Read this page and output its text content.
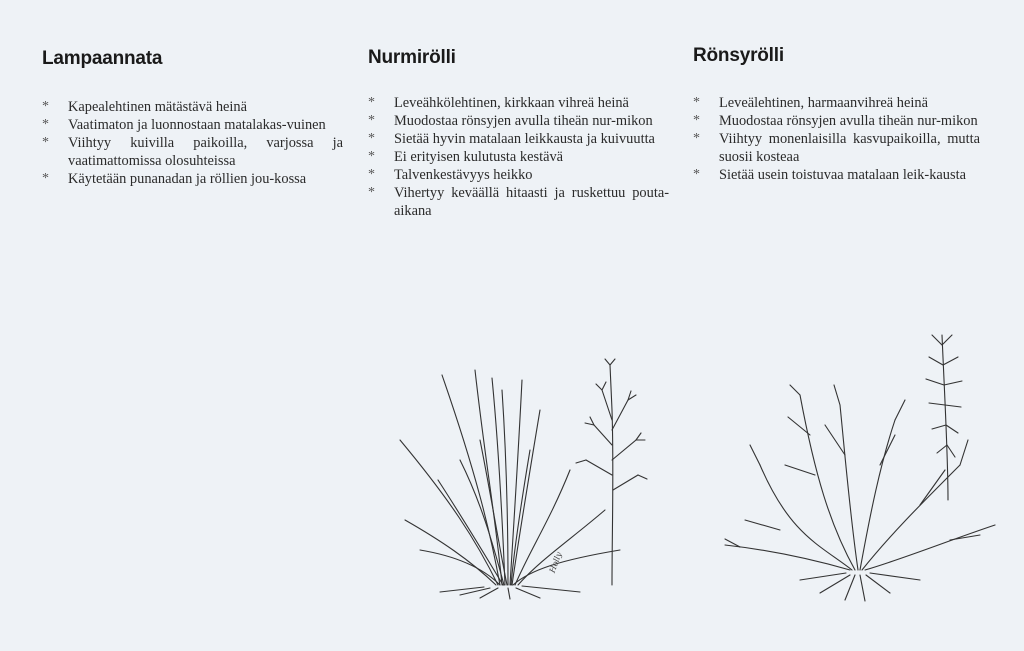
Lampaannata
* Kapealehtinen mätästävä heinä
* Vaatimaton ja luonnostaan matalakas-vuinen
* Viihtyy kuivilla paikoilla, varjossa ja vaatimattomissa olosuhteissa
* Käytetään punanadan ja röllien jou-kossa
Nurmirölli
* Leveähkölehtinen, kirkkaan vihreä heinä
* Muodostaa rönsyjen avulla tiheän nur-mikon
* Sietää hyvin matalaan leikkausta ja kuivuutta
* Ei erityisen kulutusta kestävä
* Talvenkestävyys heikko
* Vihertyy keväällä hitaasti ja ruskettuu pouta-aikana
Rönsyrölli
* Leveälehtinen, harmaanvihreä heinä
* Muodostaa rönsyjen avulla tiheän nur-mikon
* Viihtyy monenlaisilla kasvupaikoilla, mutta suosii kosteaa
* Sietää usein toistuvaa matalaan leik-kausta
Holly
